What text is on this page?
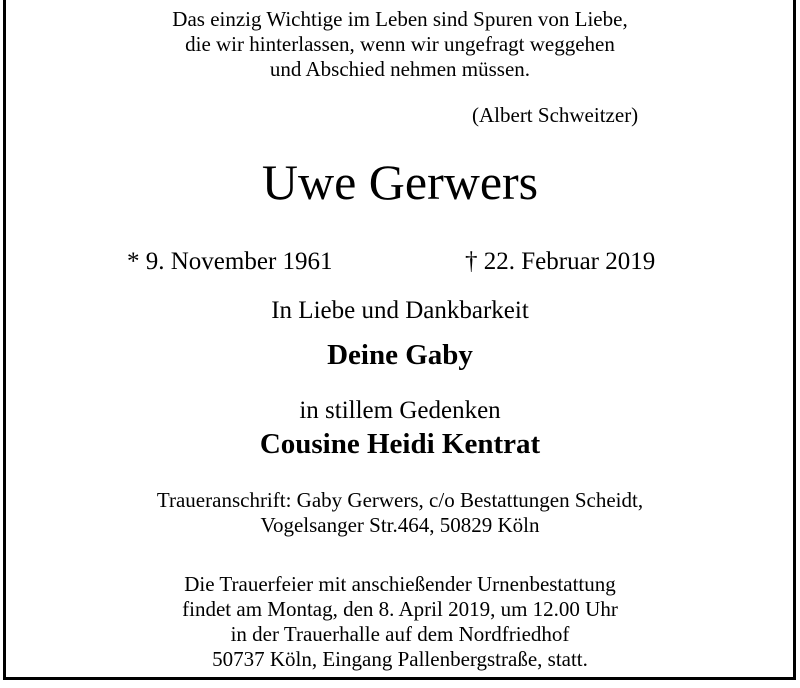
Das einzig Wichtige im Leben sind Spuren von Liebe,
die wir hinterlassen, wenn wir ungefragt weggehen
und Abschied nehmen müssen.
(Albert Schweitzer)
Uwe Gerwers
* 9. November 1961	† 22. Februar 2019
In Liebe und Dankbarkeit
Deine Gaby
in stillem Gedenken
Cousine Heidi Kentrat
Traueranschrift: Gaby Gerwers, c/o Bestattungen Scheidt,
Vogelsanger Str.464, 50829 Köln
Die Trauerfeier mit anschießender Urnenbestattung
findet am Montag, den 8. April 2019, um 12.00 Uhr
in der Trauerhalle auf dem Nordfriedhof
50737 Köln, Eingang Pallenbergstraße, statt.
